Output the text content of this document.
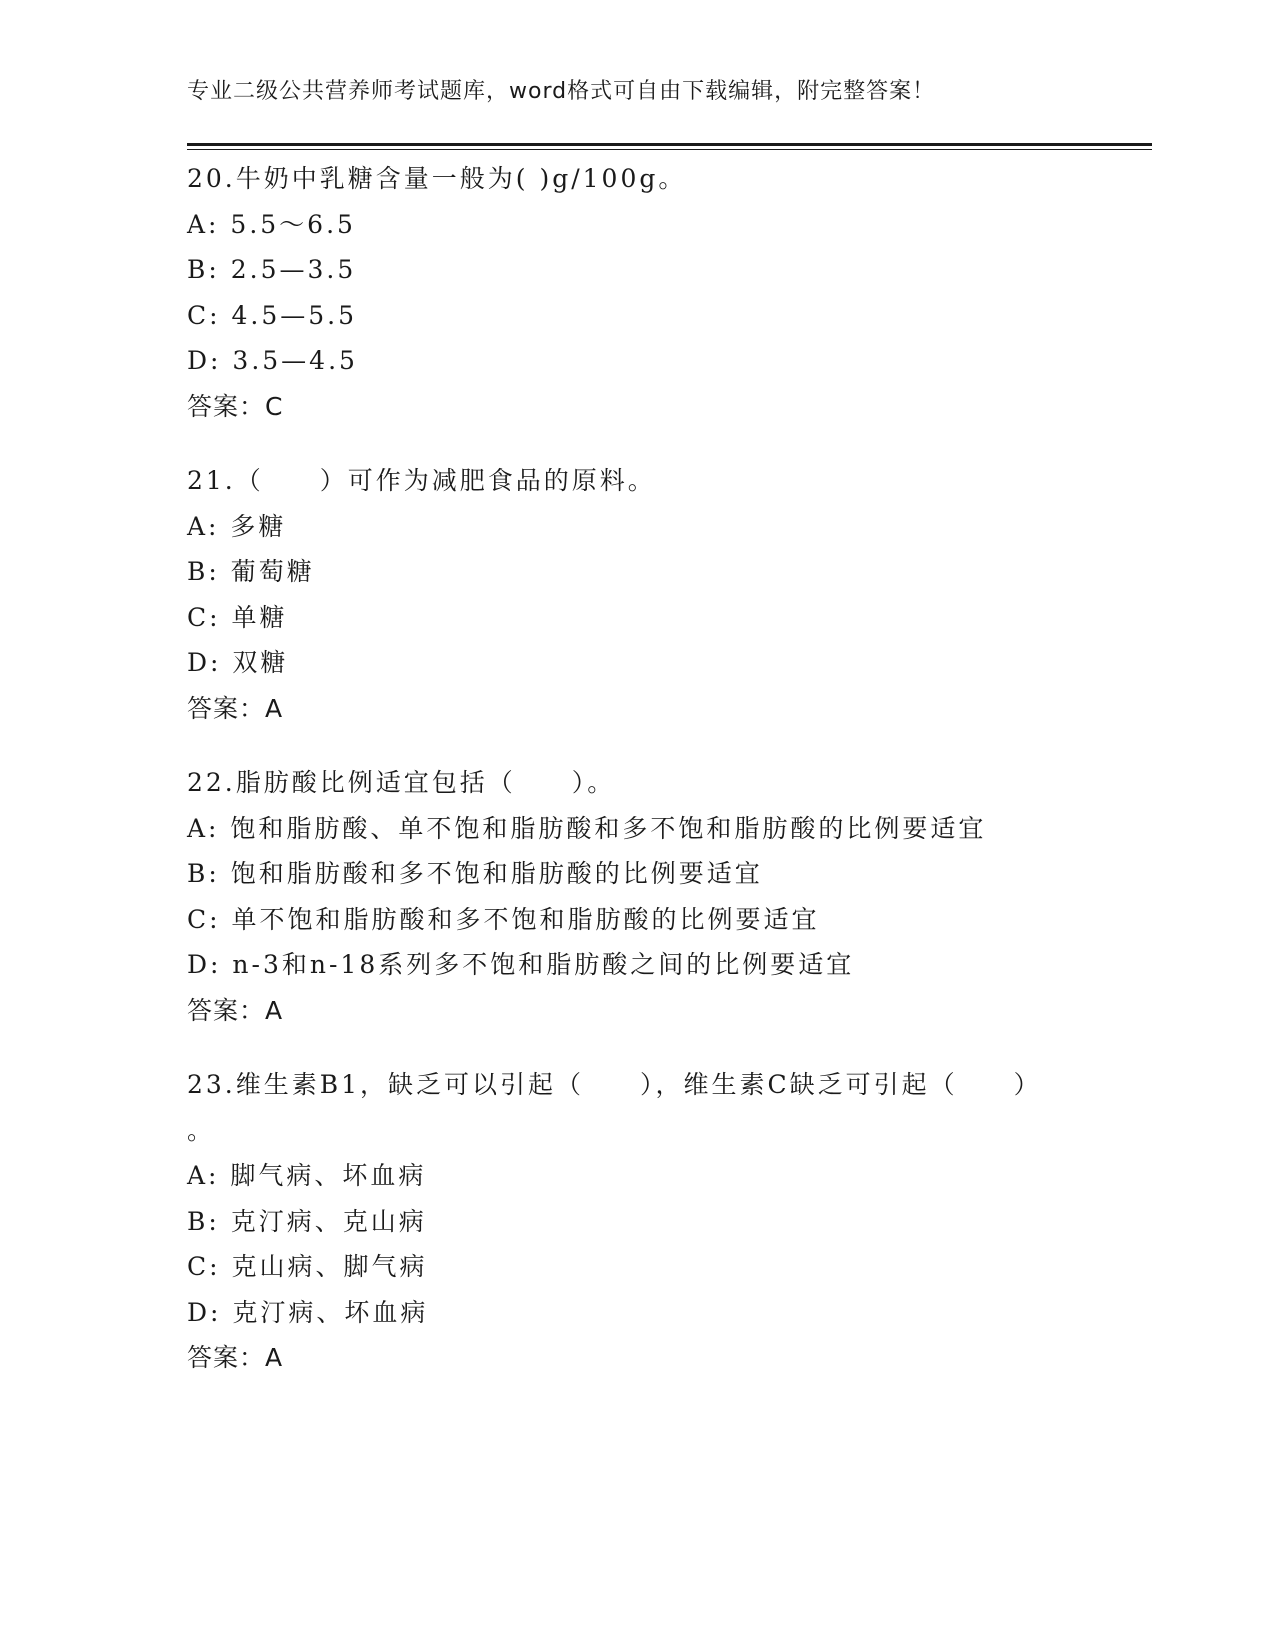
专业二级公共营养师考试题库，word格式可自由下载编辑，附完整答案！
20.牛奶中乳糖含量一般为( )g/100g。
A: 5.5～6.5
B: 2.5—3.5
C: 4.5—5.5
D: 3.5—4.5
答案：C
21.（　　）可作为减肥食品的原料。
A: 多糖
B: 葡萄糖
C: 单糖
D: 双糖
答案：A
22.脂肪酸比例适宜包括（　　）。
A: 饱和脂肪酸、单不饱和脂肪酸和多不饱和脂肪酸的比例要适宜
B: 饱和脂肪酸和多不饱和脂肪酸的比例要适宜
C: 单不饱和脂肪酸和多不饱和脂肪酸的比例要适宜
D: n-3和n-18系列多不饱和脂肪酸之间的比例要适宜
答案：A
23.维生素B1，缺乏可以引起（　　），维生素C缺乏可引起（　　）
。
A: 脚气病、坏血病
B: 克汀病、克山病
C: 克山病、脚气病
D: 克汀病、坏血病
答案：A
